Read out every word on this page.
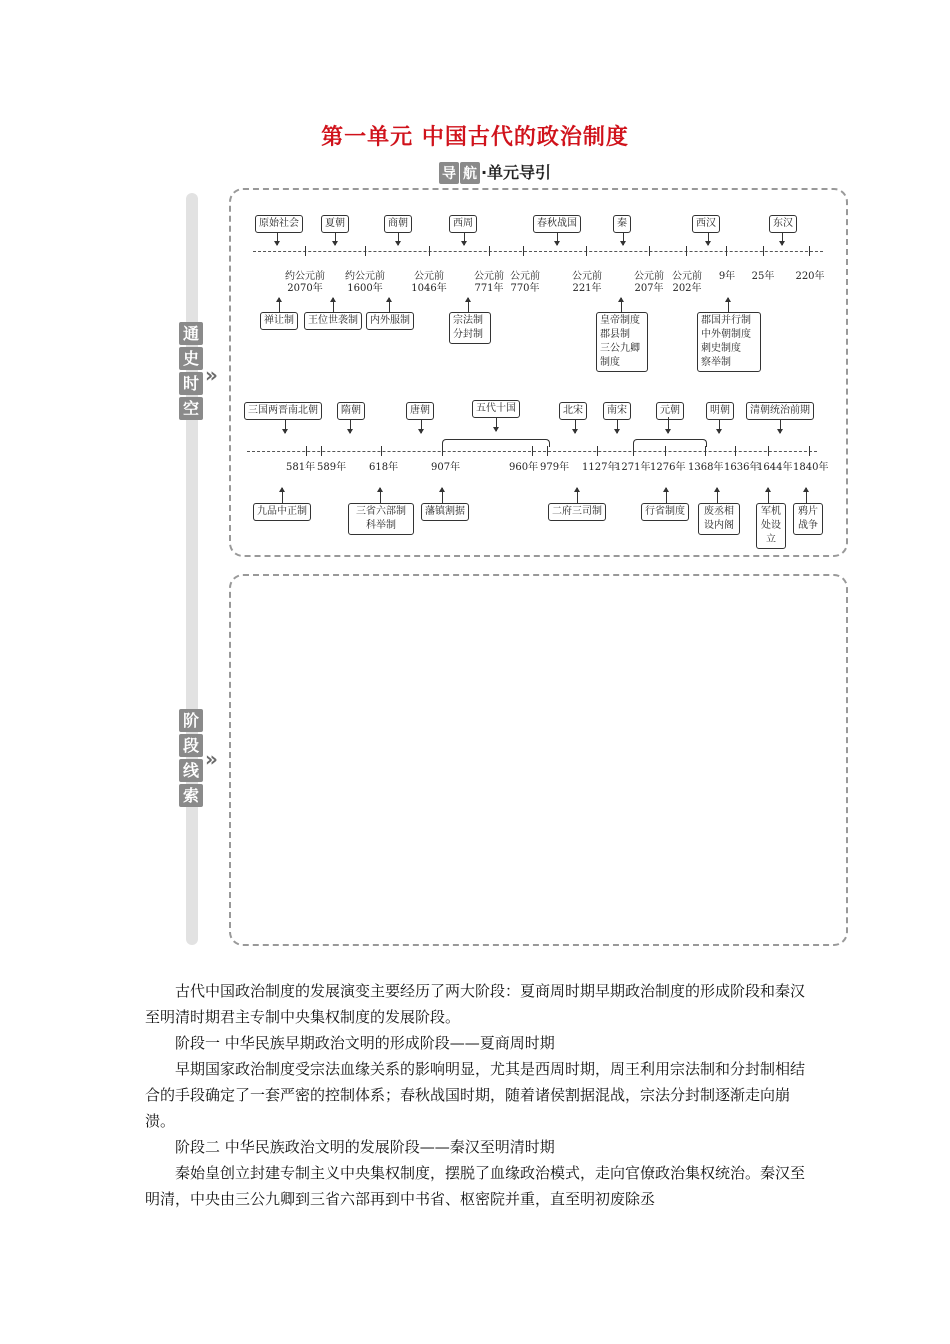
第一单元 中国古代的政治制度
导 航 ·单元导引
通
史
时
空
»
阶
段
线
索
»
原始社会	夏朝	商朝	西周	春秋战国	秦	西汉	东汉
约公元前
2070年
约公元前
1600年
公元前
1046年
公元前
771年
公元前
770年
公元前
221年
公元前
207年
公元前
202年
9年	25年 220年
禅让制	王位世袭制	内外服制	宗法制
分封制
皇帝制度
郡县制
三公九卿
制度
郡国并行制
中外朝制度
刺史制度
察举制
三国两晋南北朝	隋朝	唐朝	五代十国	北宋	南宋	元朝	明朝	清朝统治前期
581年 589年 618年	907年	960年 979年 1127年
1271年 1276年 1368年 1636年
1644年 1840年
九品中正制	三省六部制
科举制
藩镇割据	二府三司制	行省制度	废丞相
设内阁
军机
处设
立
鸦片
战争

古代中国政治制度的发展演变主要经历了两大阶段：夏商周时期早期政治制度的形成阶段和秦汉至明清时期君主专制中央集权制度的发展阶段。

阶段一 中华民族早期政治文明的形成阶段——夏商周时期

早期国家政治制度受宗法血缘关系的影响明显，尤其是西周时期，周王利用宗法制和分封制相结合的手段确定了一套严密的控制体系；春秋战国时期，随着诸侯割据混战，宗法分封制逐渐走向崩溃。

阶段二 中华民族政治文明的发展阶段——秦汉至明清时期

秦始皇创立封建专制主义中央集权制度，摆脱了血缘政治模式，走向官僚政治集权统治。秦汉至明清，中央由三公九卿到三省六部再到中书省、枢密院并重，直至明初废除丞
